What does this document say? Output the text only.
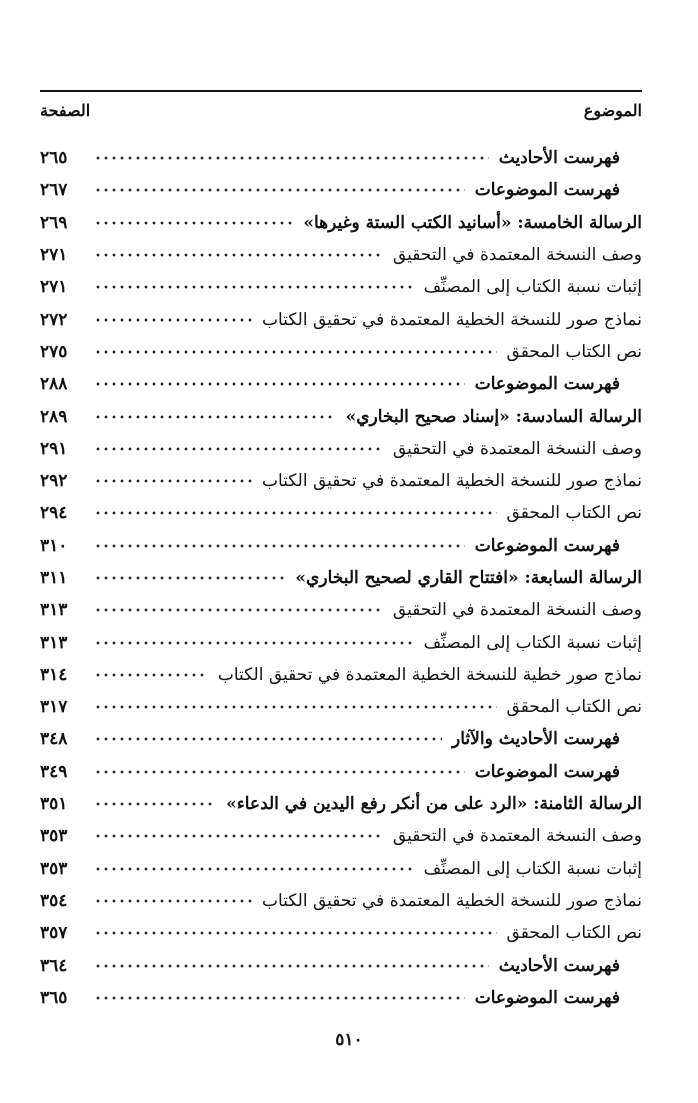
الموضوع
الصفحة
فهرست الأحاديث
٢٦٥
فهرست الموضوعات
٢٦٧
الرسالة الخامسة: «أسانيد الكتب الستة وغيرها»
٢٦٩
وصف النسخة المعتمدة في التحقيق
٢٧١
إثبات نسبة الكتاب إلى المصنِّف
٢٧١
نماذج صور للنسخة الخطية المعتمدة في تحقيق الكتاب
٢٧٢
نص الكتاب المحقق
٢٧٥
فهرست الموضوعات
٢٨٨
الرسالة السادسة: «إسناد صحيح البخاري»
٢٨٩
وصف النسخة المعتمدة في التحقيق
٢٩١
نماذج صور للنسخة الخطية المعتمدة في تحقيق الكتاب
٢٩٢
نص الكتاب المحقق
٢٩٤
فهرست الموضوعات
٣١٠
الرسالة السابعة: «افتتاح القاري لصحيح البخاري»
٣١١
وصف النسخة المعتمدة في التحقيق
٣١٣
إثبات نسبة الكتاب إلى المصنِّف
٣١٣
نماذج صور خطية للنسخة الخطية المعتمدة في تحقيق الكتاب
٣١٤
نص الكتاب المحقق
٣١٧
فهرست الأحاديث والآثار
٣٤٨
فهرست الموضوعات
٣٤٩
الرسالة الثامنة: «الرد على من أنكر رفع اليدين في الدعاء»
٣٥١
وصف النسخة المعتمدة في التحقيق
٣٥٣
إثبات نسبة الكتاب إلى المصنِّف
٣٥٣
نماذج صور للنسخة الخطية المعتمدة في تحقيق الكتاب
٣٥٤
نص الكتاب المحقق
٣٥٧
فهرست الأحاديث
٣٦٤
فهرست الموضوعات
٣٦٥
٥١٠
